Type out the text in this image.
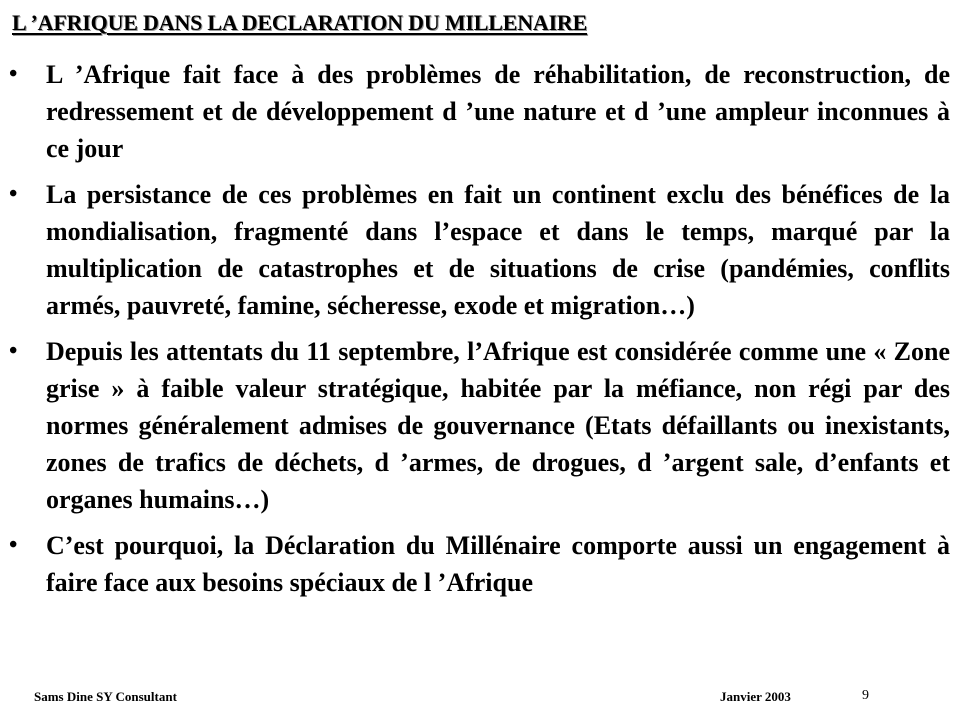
L ’AFRIQUE DANS LA DECLARATION DU MILLENAIRE
• L ’Afrique fait face à des problèmes de réhabilitation, de reconstruction, de redressement et de développement d ’une nature et d ’une ampleur inconnues à ce jour
• La persistance de ces problèmes en fait un continent exclu des bénéfices de la mondialisation, fragmenté dans l’espace et dans le temps, marqué par la multiplication de catastrophes et de situations de crise (pandémies, conflits armés, pauvreté, famine, sécheresse, exode et migration…)
• Depuis les attentats du 11 septembre, l’Afrique est considérée comme une « Zone grise » à faible valeur stratégique, habitée par la méfiance, non régi par des normes généralement admises de gouvernance (Etats défaillants ou inexistants, zones de trafics de déchets, d ’armes, de drogues, d ’argent sale, d’enfants et organes humains…)
• C’est pourquoi, la Déclaration du Millénaire comporte aussi un engagement à faire face aux besoins spéciaux de l ’Afrique
Sams Dine SY Consultant	Janvier 2003	9
